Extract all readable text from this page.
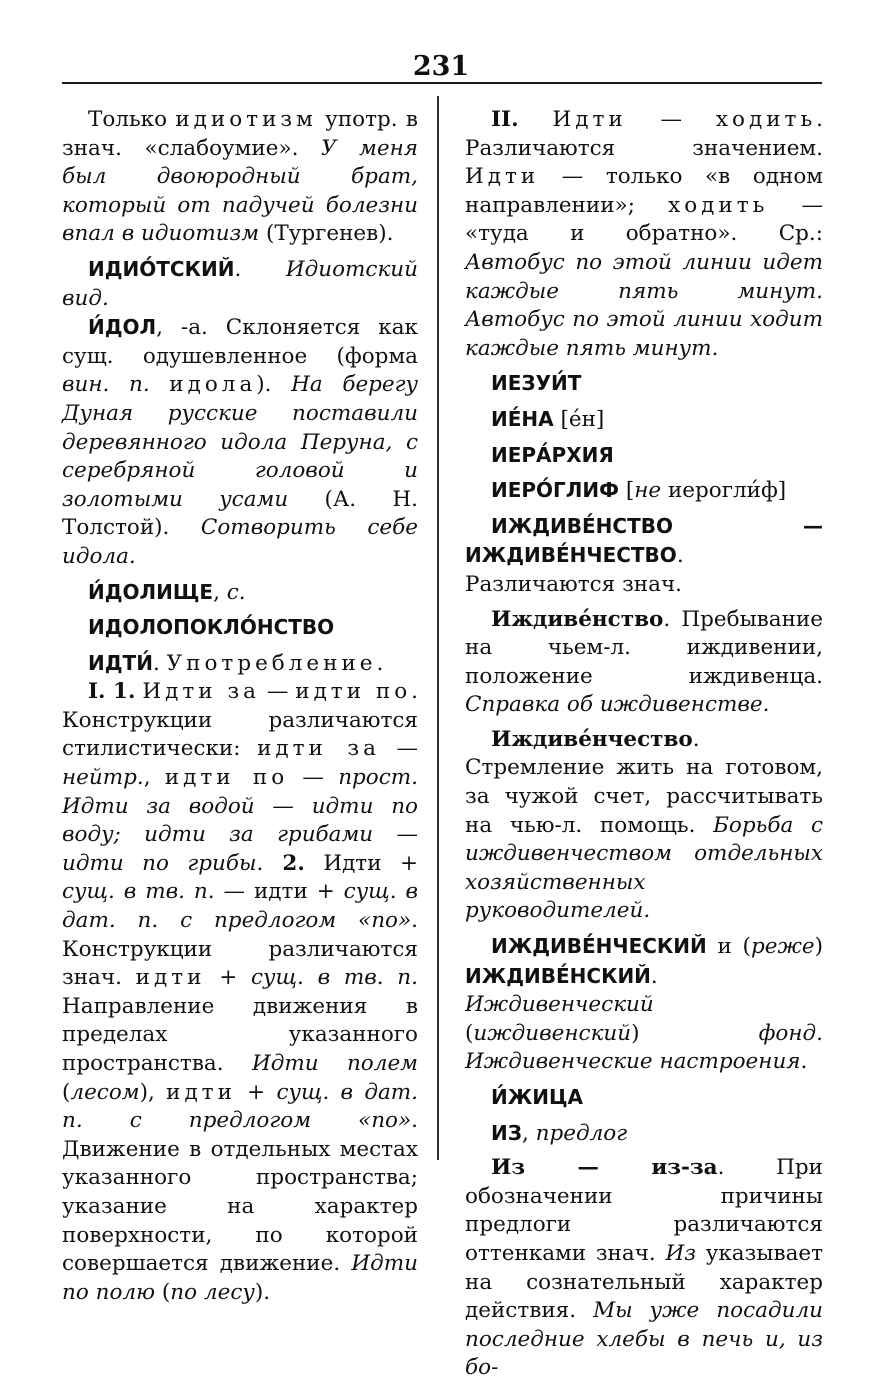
231

Только идиотизм употр. в знач. «слабоумие». У меня был двоюродный брат, который от падучей болезни впал в идиотизм (Тургенев).

ИДИО́ТСКИЙ. Идиотский вид.

И́ДОЛ, -а. Склоняется как сущ. одушевленное (форма вин. п. идола). На берегу Дуная русские поставили деревянного идола Перуна, с серебряной головой и золотыми усами (А. Н. Толстой). Сотворить себе идола.

И́ДОЛИЩЕ, с.

ИДОЛОПОКЛО́НСТВО

ИДТИ́. Употребление.

I. 1. Идти за — идти по. Конструкции различаются стилистически: идти за — нейтр., идти по — прост. Идти за водой — идти по воду; идти за грибами — идти по грибы. 2. Идти + сущ. в тв. п. — идти + сущ. в дат. п. с предлогом «по». Конструкции различаются знач. идти + сущ. в тв. п. Направление движения в пределах указанного пространства. Идти полем (лесом), идти + сущ. в дат. п. с предлогом «по». Движение в отдельных местах указанного пространства; указание на характер поверхности, по которой совершается движение. Идти по полю (по лесу).

II. Идти — ходить. Различаются значением. Идти — только «в одном направлении»; ходить — «туда и обратно». Ср.: Автобус по этой линии идет каждые пять минут. Автобус по этой линии ходит каждые пять минут.

ИЕЗУИ́Т

ИЕ́НА [е́н]

ИЕРА́РХИЯ

ИЕРО́ГЛИФ [не иерогли́ф]

ИЖДИВЕ́НСТВО — ИЖДИВЕ́НЧЕСТВО. Различаются знач.

Иждиве́нство. Пребывание на чьем-л. иждивении, положение иждивенца. Справка об иждивенстве.

Иждиве́нчество. Стремление жить на готовом, за чужой счет, рассчитывать на чью-л. помощь. Борьба с иждивенчеством отдельных хозяйственных руководителей.

ИЖДИВЕ́НЧЕСКИЙ и (реже) ИЖДИВЕ́НСКИЙ. Иждивенческий (иждивенский) фонд. Иждивенческие настроения.

И́ЖИЦА

ИЗ, предлог

Из — из-за. При обозначении причины предлоги различаются оттенками знач. Из указывает на сознательный характер действия. Мы уже посадили последние хлебы в печь и, из бо-
